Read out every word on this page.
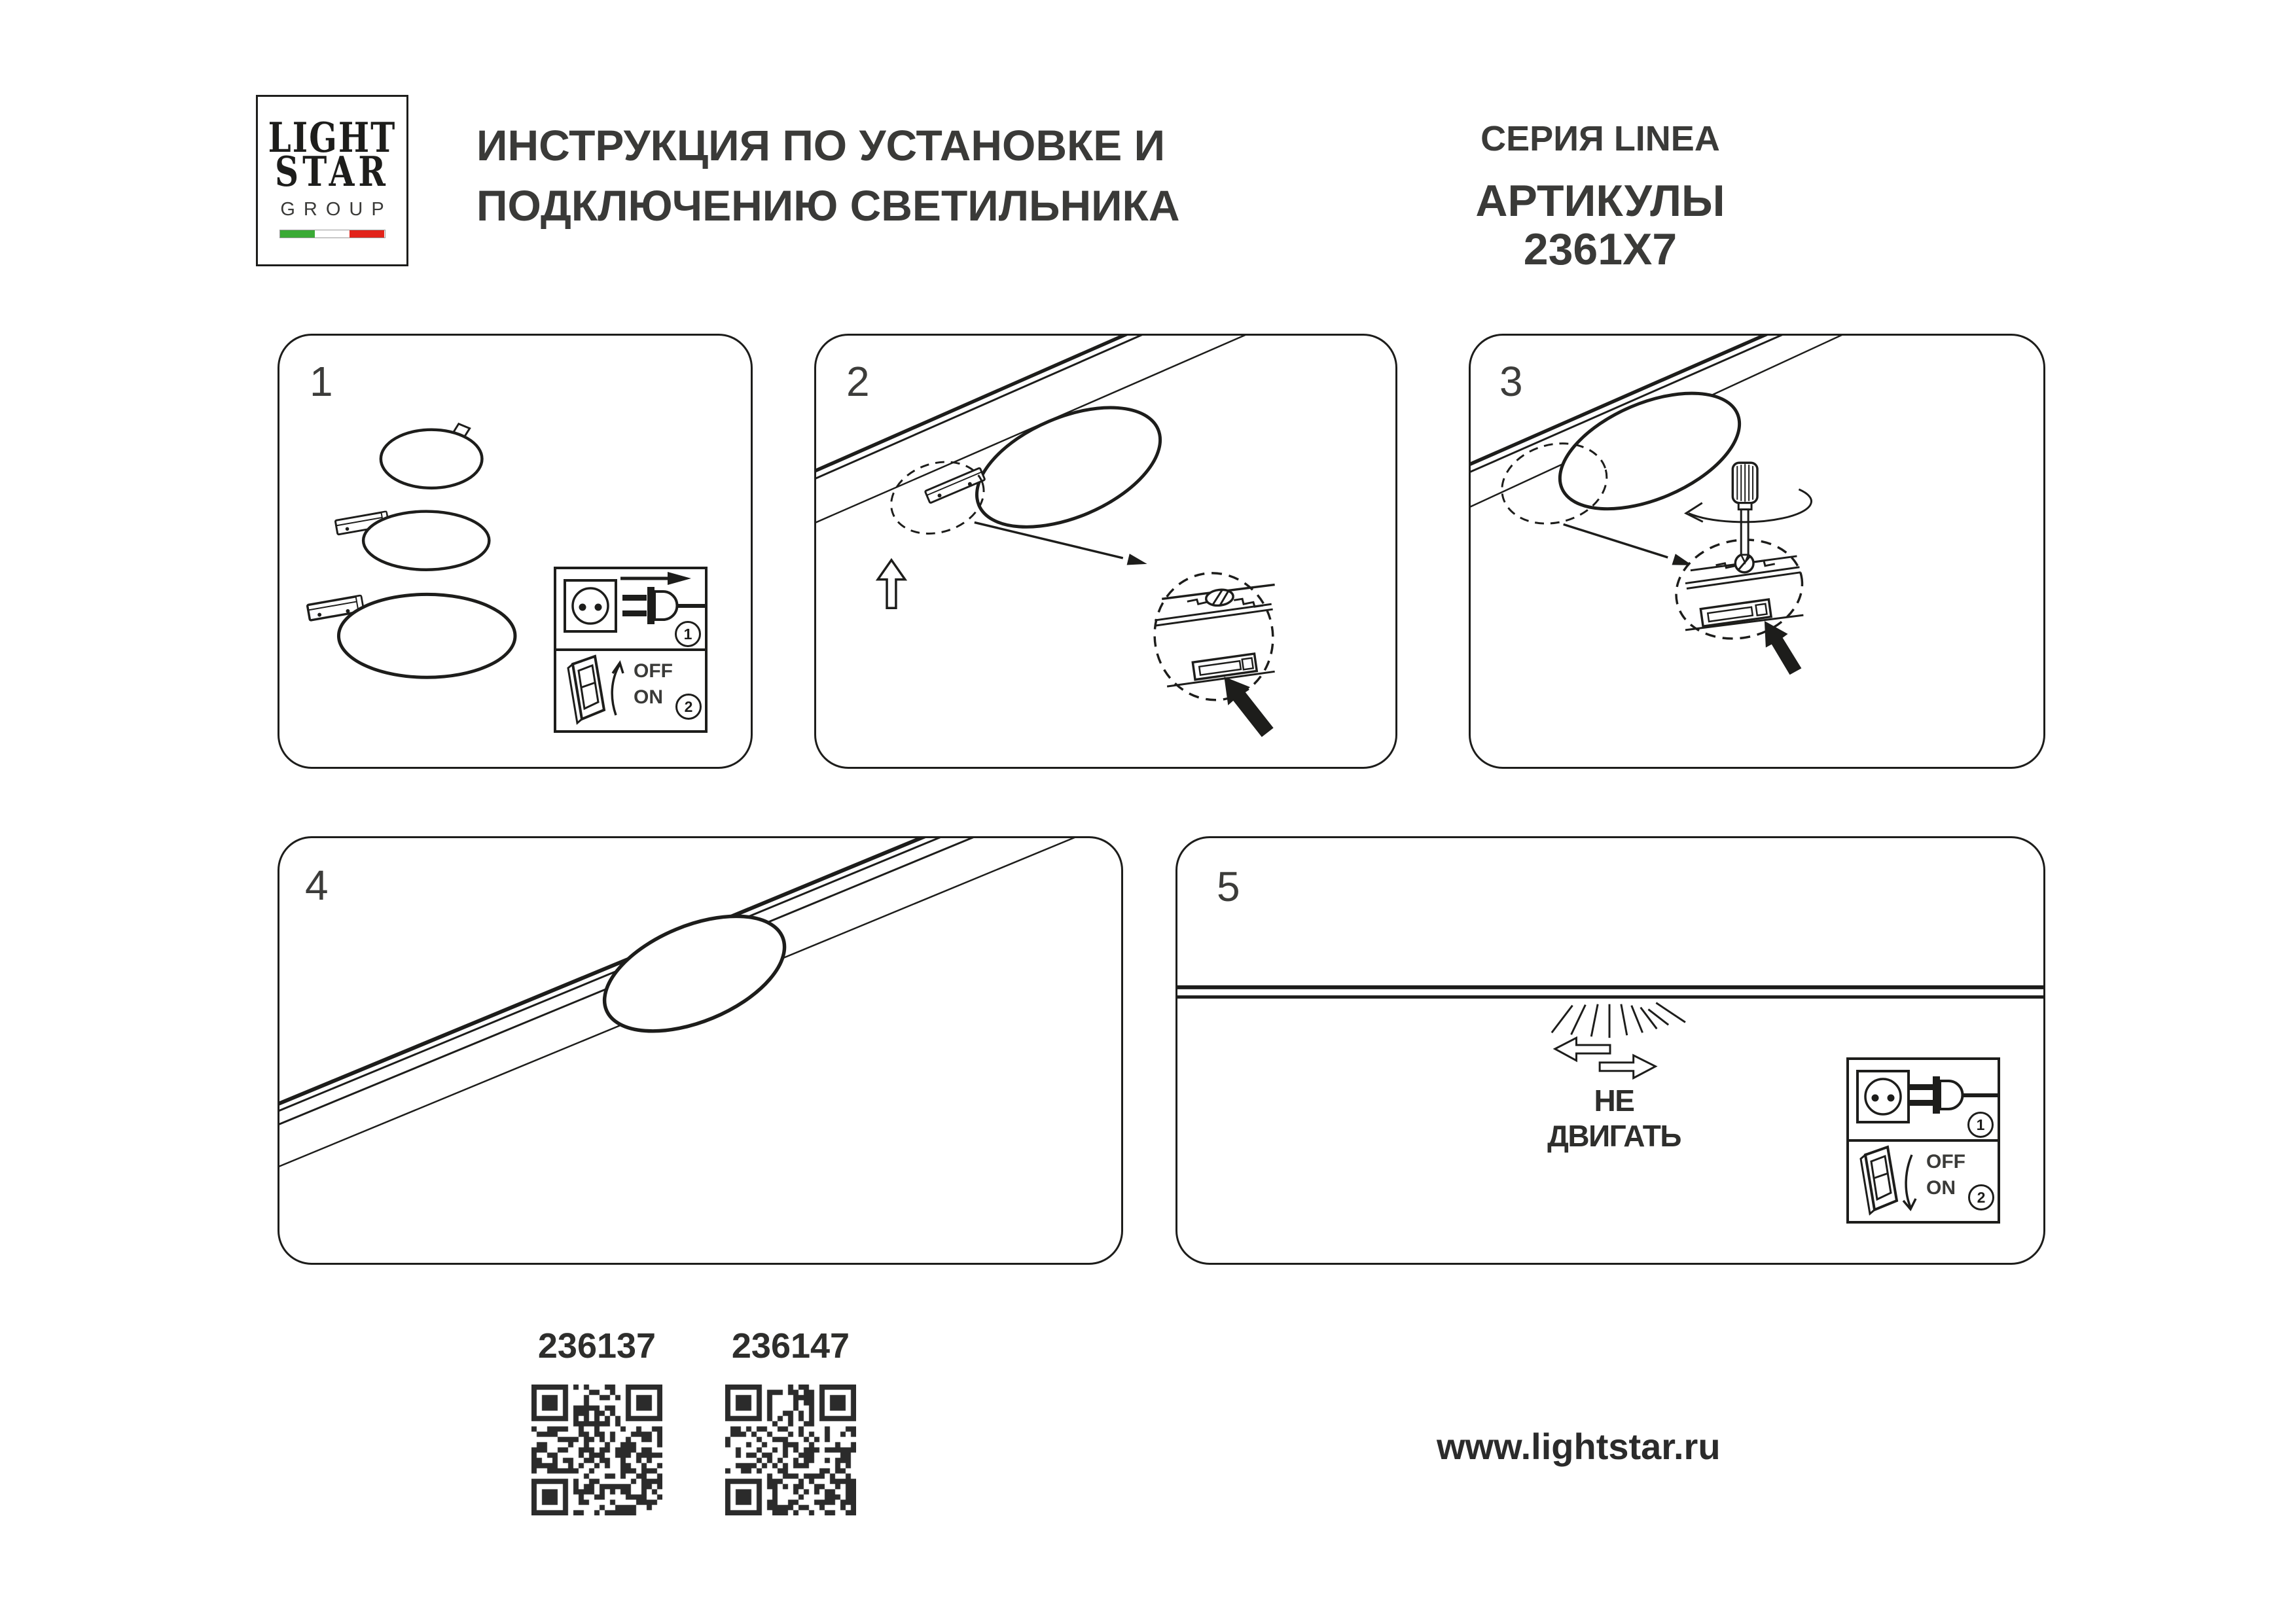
LIGHT
STAR
GROUP
ИНСТРУКЦИЯ ПО УСТАНОВКЕ И
ПОДКЛЮЧЕНИЮ СВЕТИЛЬНИКА
СЕРИЯ LINEA
АРТИКУЛЫ 2361X7
1
1
OFF
ON	2
2	3
4
НЕ ДВИГАТЬ
5
1
OFF
ON	2
236137 236147
www.lightstar.ru
